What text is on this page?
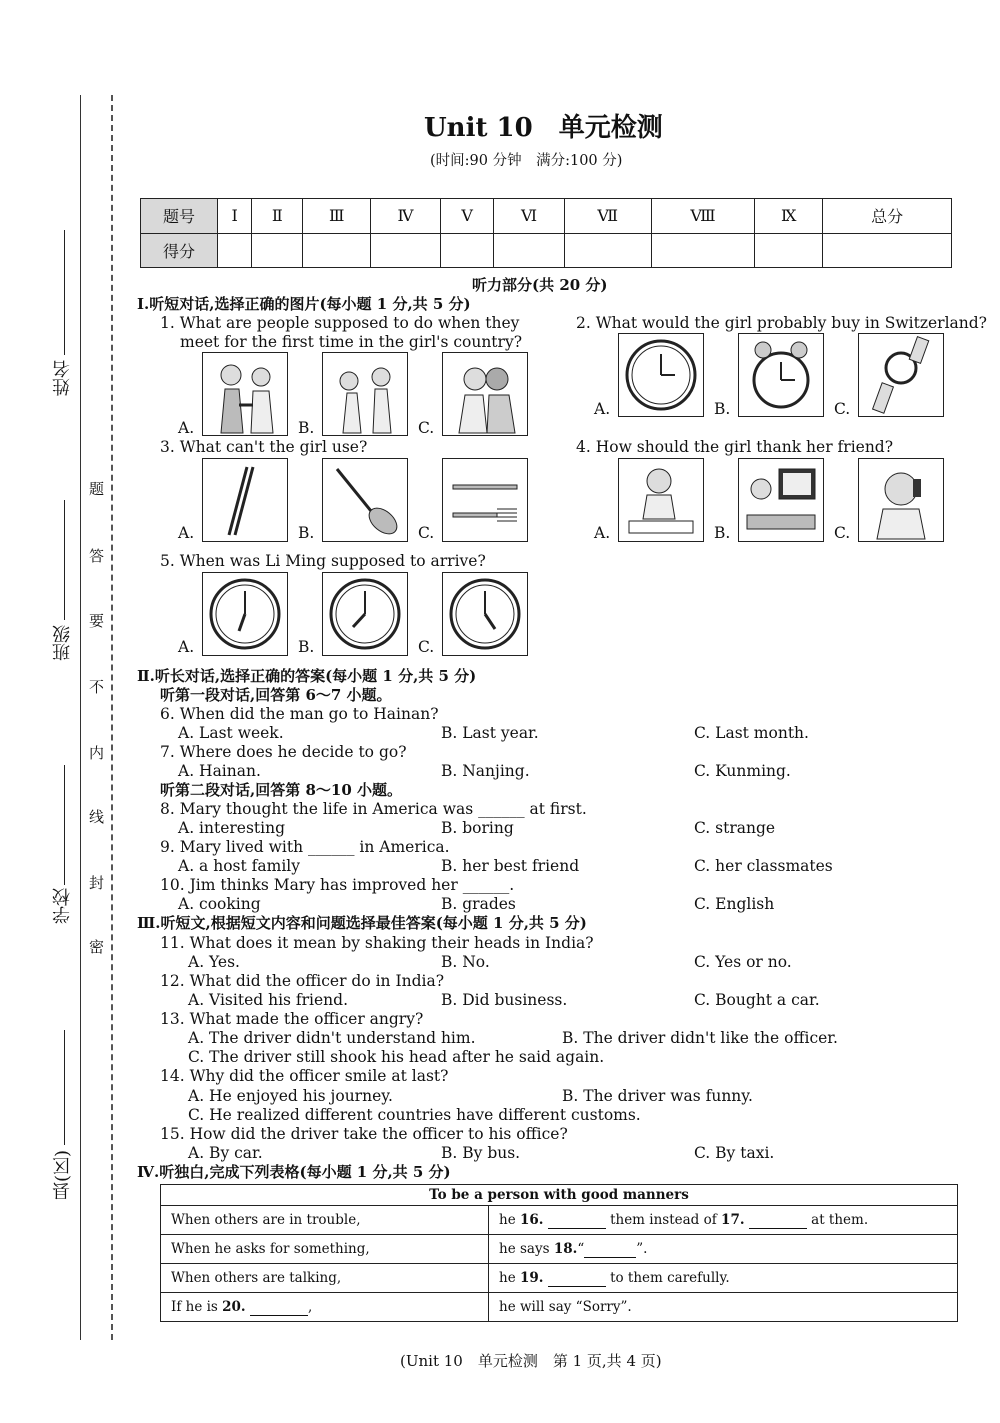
姓名
班级
学校
县(区)
题
答
要
不
内
线
封
密
Unit 10　单元检测
(时间:90 分钟　满分:100 分)
题号	Ⅰ	Ⅱ	Ⅲ	Ⅳ	Ⅴ	Ⅵ	Ⅶ	Ⅷ	Ⅸ	总分
得分										
听力部分(共 20 分)
Ⅰ.听短对话,选择正确的图片(每小题 1 分,共 5 分)
1. What are people supposed to do when they
meet for the first time in the girl's country?
2. What would the girl probably buy in Switzerland?
A.	B.	C.
A.	B.	C.
3. What can't the girl use?
A.	B.	C.
4. How should the girl thank her friend?
A.	B.	C.
5. When was Li Ming supposed to arrive?
A.	B.	C.
Ⅱ.听长对话,选择正确的答案(每小题 1 分,共 5 分)
听第一段对话,回答第 6～7 小题。
6. When did the man go to Hainan?
A. Last week.	B. Last year.	C. Last month.
7. Where does he decide to go?
A. Hainan.	B. Nanjing.	C. Kunming.
听第二段对话,回答第 8～10 小题。
8. Mary thought the life in America was ______ at first.
A. interesting	B. boring	C. strange
9. Mary lived with ______ in America.
A. a host family	B. her best friend	C. her classmates
10. Jim thinks Mary has improved her ______.
A. cooking	B. grades	C. English
Ⅲ.听短文,根据短文内容和问题选择最佳答案(每小题 1 分,共 5 分)
11. What does it mean by shaking their heads in India?
A. Yes.	B. No.	C. Yes or no.
12. What did the officer do in India?
A. Visited his friend.	B. Did business.	C. Bought a car.
13. What made the officer angry?
A. The driver didn't understand him.	B. The driver didn't like the officer.
C. The driver still shook his head after he said again.
14. Why did the officer smile at last?
A. He enjoyed his journey.	B. The driver was funny.
C. He realized different countries have different customs.
15. How did the driver take the officer to his office?
A. By car.	B. By bus.	C. By taxi.
Ⅳ.听独白,完成下列表格(每小题 1 分,共 5 分)
To be a person with good manners	
When others are in trouble,	he 16. them instead of 17. at them.
When he asks for something,	he says 18.“ ”.
When others are talking,	he 19. to them carefully.
If he is 20. ,	he will say “Sorry”.
(Unit 10　单元检测　第 1 页,共 4 页)
